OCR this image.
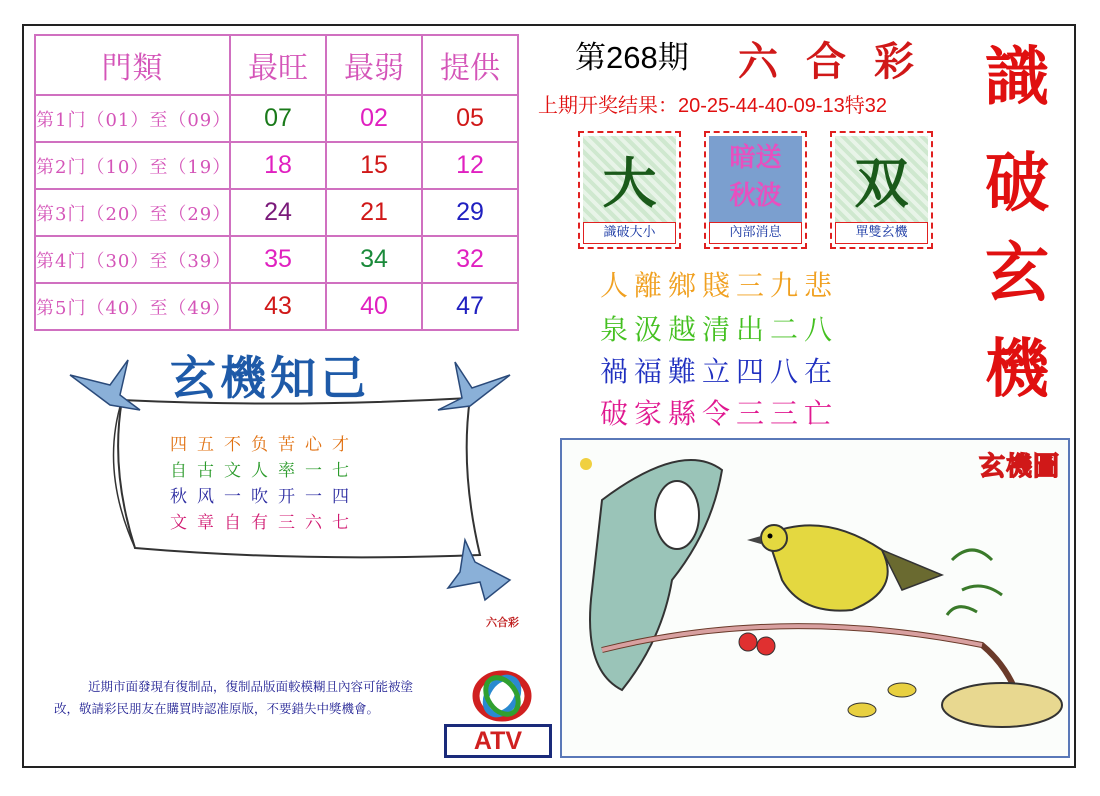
門類	最旺	最弱	提供
第1门（01）至（09）	07	02	05
第2门（10）至（19）	18	15	12
第3门（20）至（29）	24	21	29
第4门（30）至（39）	35	34	32
第5门（40）至（49）	43	40	47
第268期 六合彩
上期开奖结果：20-25-44-40-09-13特32 識
破
玄
機
大
識破大小
暗送
秋波
內部消息
双
單雙玄機
人離鄉賤三九悲
泉汲越清出二八
禍福難立四八在
破家縣令三三亡
玄機知己
四五不负苦心才
自古文人率一七
秋风一吹开一四
文章自有三六七
六合彩
近期市面發現有復制品，復制品版面較模糊且內容可能被塗
改，敬請彩民朋友在購買時認准原版，不要錯失中獎機會。
ATV
玄機圖
